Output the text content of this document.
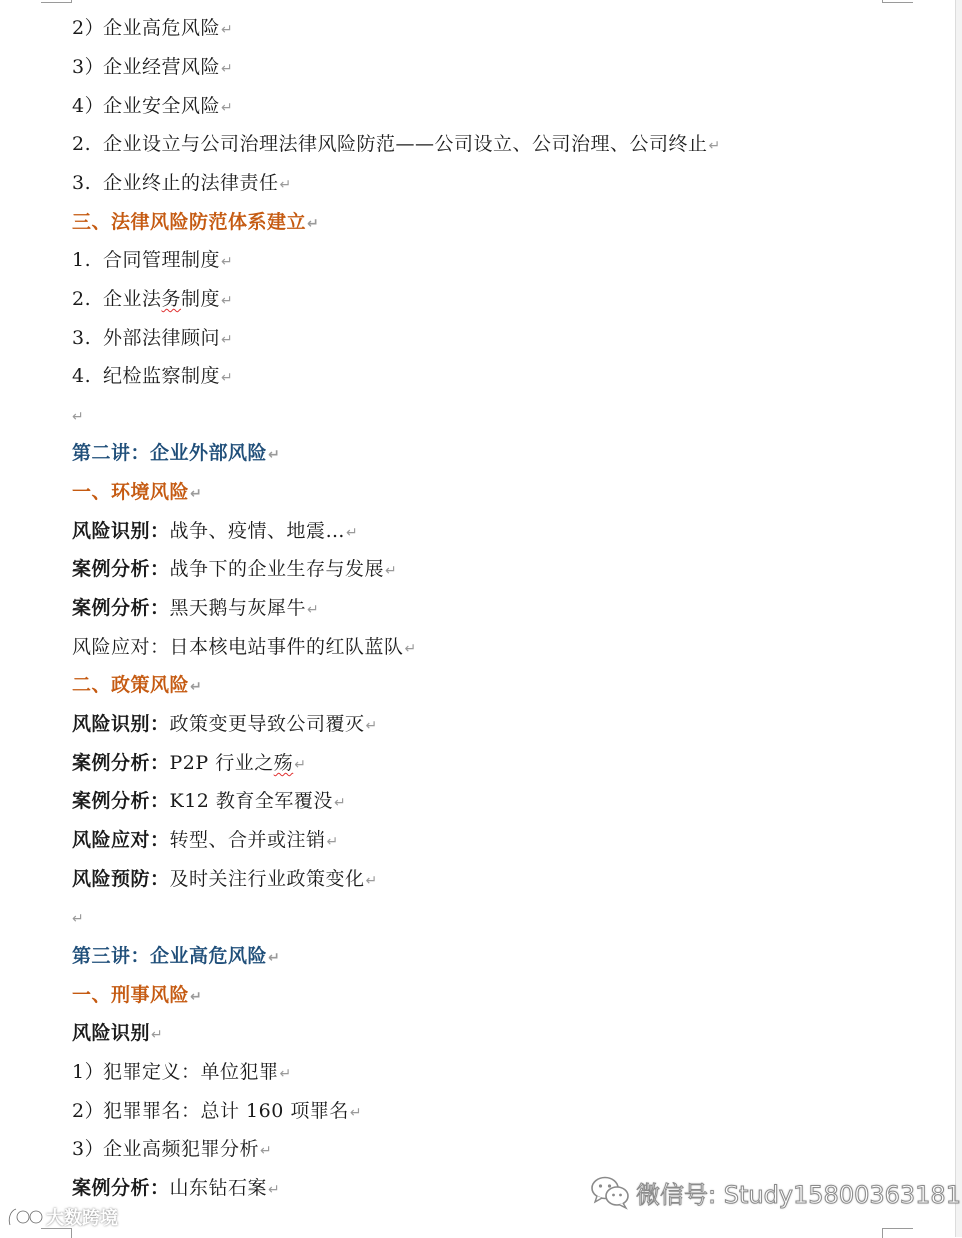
2）企业高危风险↵
3）企业经营风险↵
4）企业安全风险↵
2. 企业设立与公司治理法律风险防范——公司设立、公司治理、公司终止↵
3. 企业终止的法律责任↵
三、法律风险防范体系建立↵
1. 合同管理制度↵
2. 企业法务制度↵
3. 外部法律顾问↵
4. 纪检监察制度↵
↵
第二讲：企业外部风险↵
一、环境风险↵
风险识别：战争、疫情、地震…↵
案例分析：战争下的企业生存与发展↵
案例分析：黑天鹅与灰犀牛↵
风险应对：日本核电站事件的红队蓝队↵
二、政策风险↵
风险识别：政策变更导致公司覆灭↵
案例分析：P2P 行业之殇↵
案例分析：K12 教育全军覆没↵
风险应对：转型、合并或注销↵
风险预防：及时关注行业政策变化↵
↵
第三讲：企业高危风险↵
一、刑事风险↵
风险识别↵
1）犯罪定义：单位犯罪↵
2）犯罪罪名：总计 160 项罪名↵
3）企业高频犯罪分析↵
案例分析：山东钻石案↵	微信号: Study15800363181
大数跨境
